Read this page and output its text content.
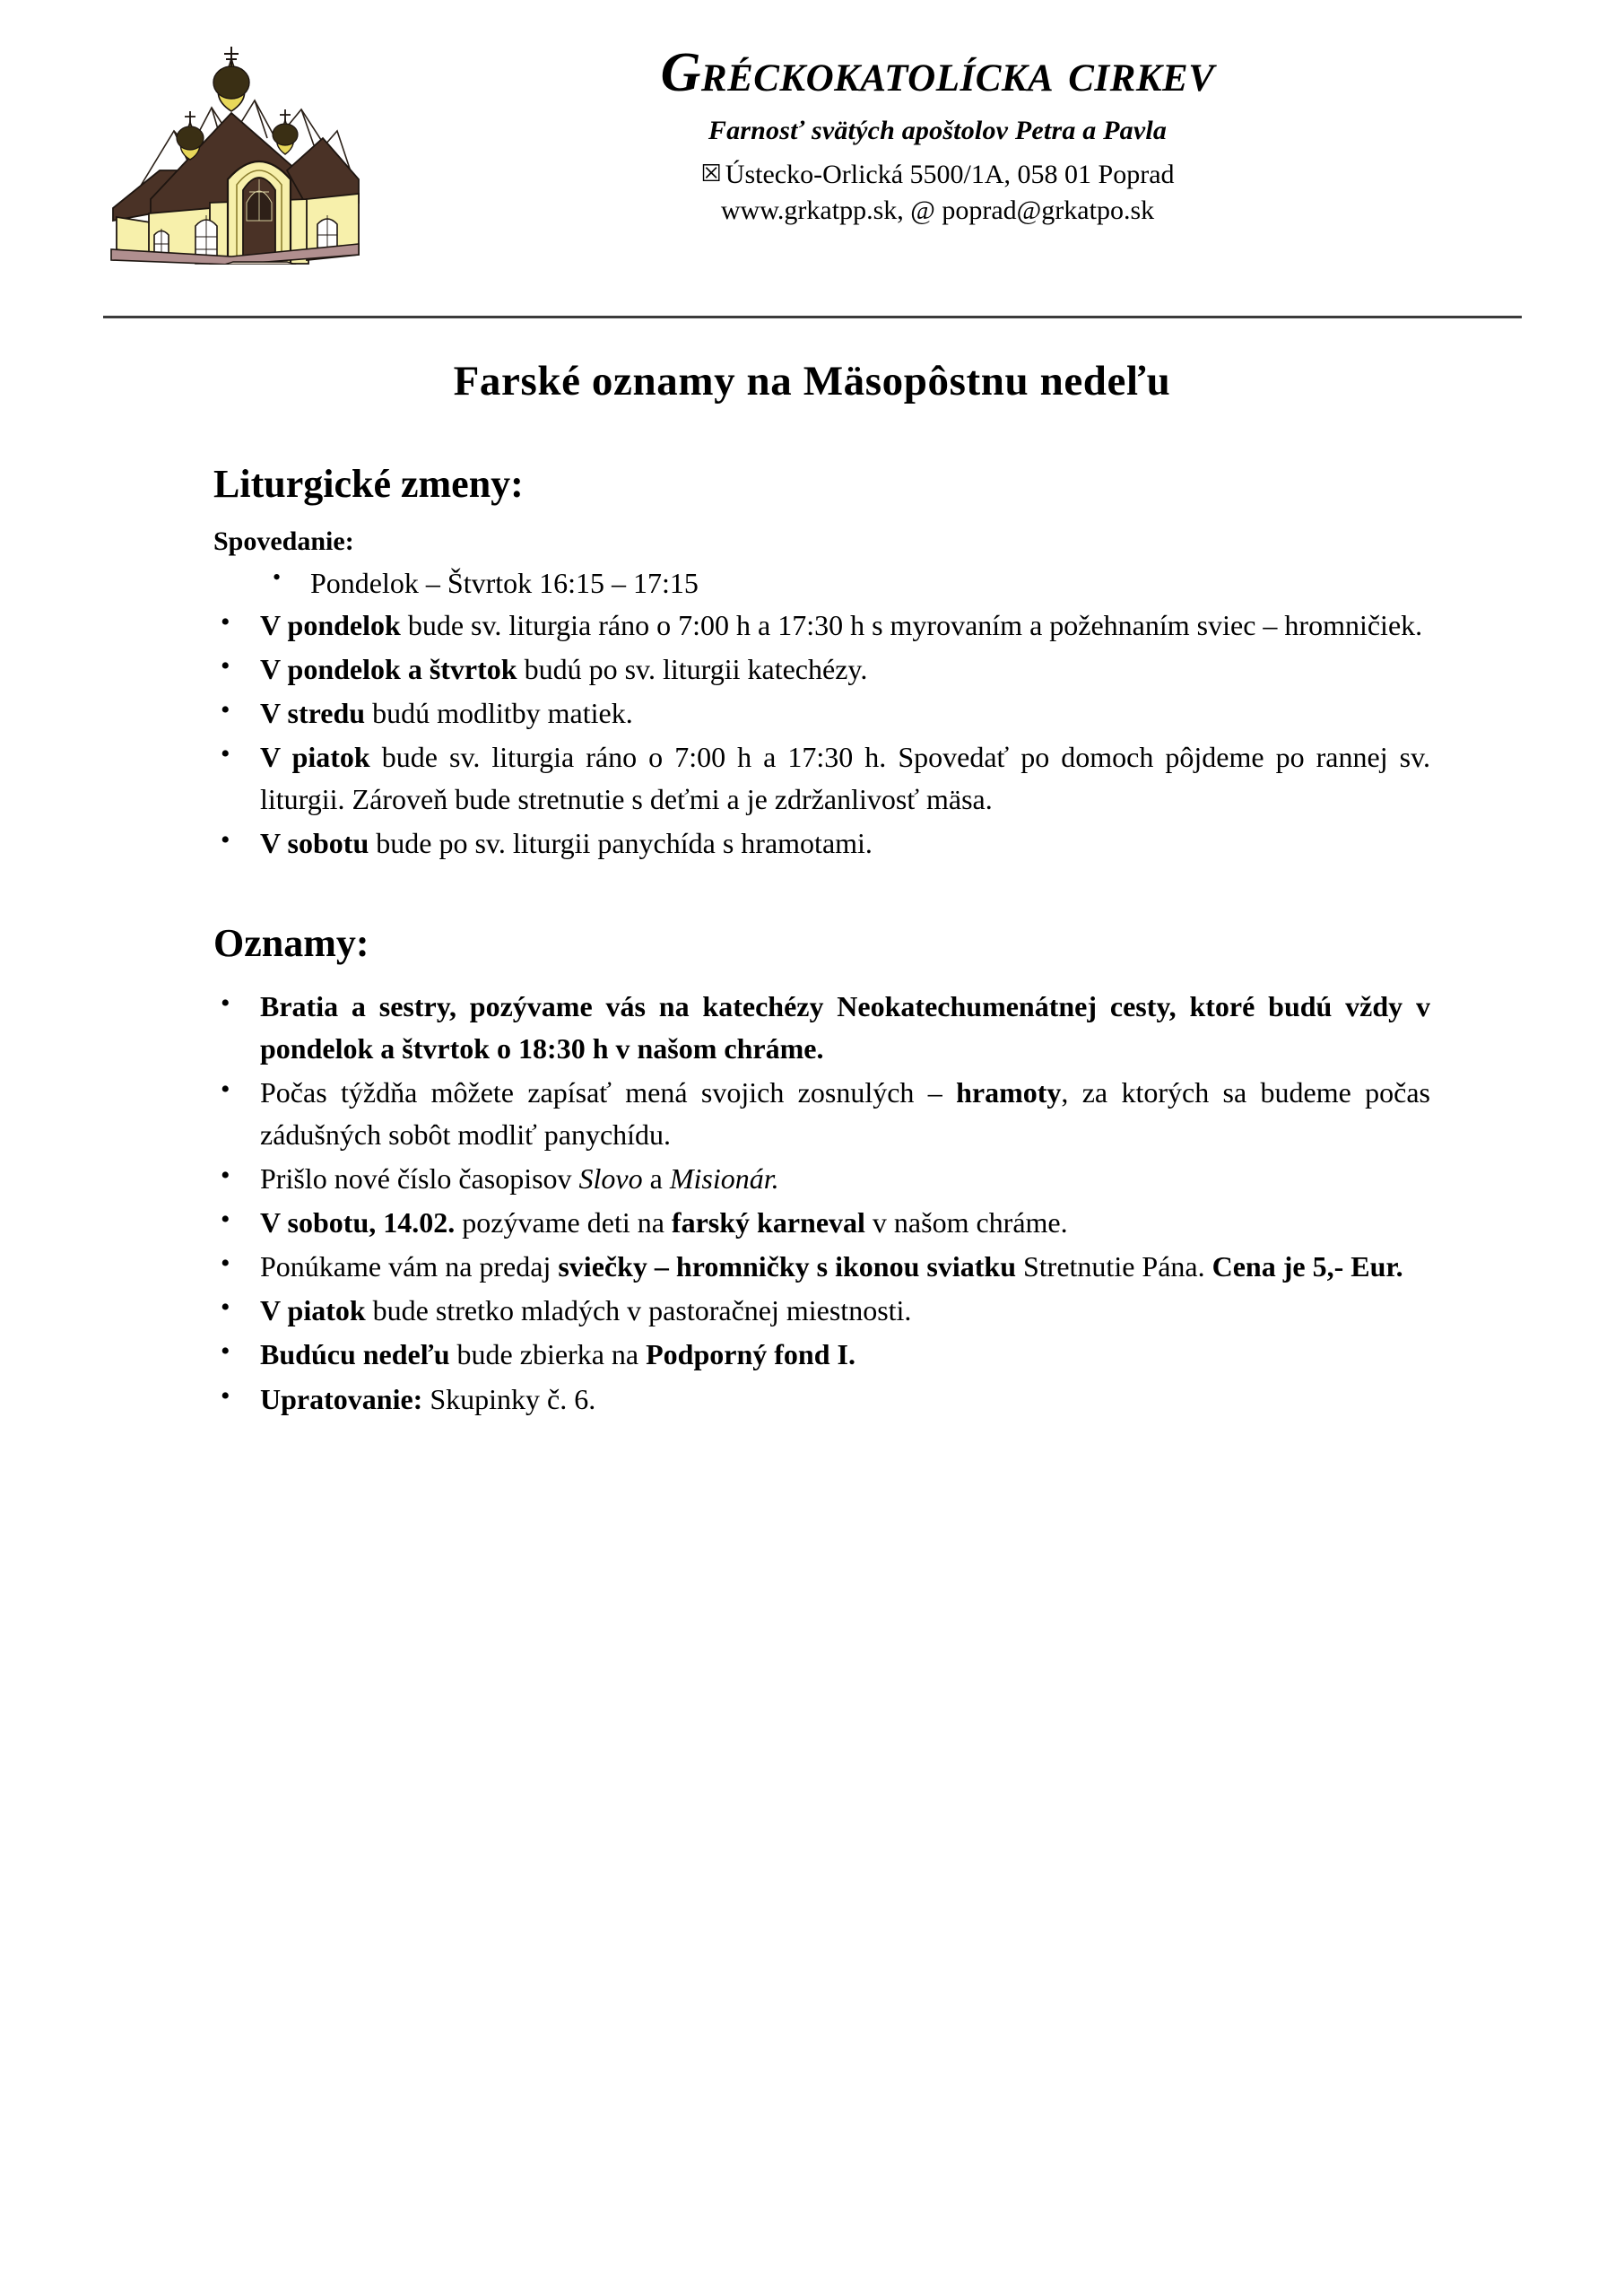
Gréckokatolícka cirkev
Farnosť svätých apoštolov Petra a Pavla
☒ Ústecko-Orlická 5500/1A, 058 01 Poprad
www.grkatpp.sk, @ poprad@grkatpo.sk
Farské oznamy na Mäsopôstnu nedeľu
Liturgické zmeny:
Spovedanie:
• Pondelok – Štvrtok 16:15 – 17:15
• V pondelok bude sv. liturgia ráno o 7:00 h a 17:30 h s myrovaním a požehnaním sviec – hromničiek.
• V pondelok a štvrtok budú po sv. liturgii katechézy.
• V stredu budú modlitby matiek.
• V piatok bude sv. liturgia ráno o 7:00 h a 17:30 h. Spovedať po domoch pôjdeme po rannej sv. liturgii. Zároveň bude stretnutie s deťmi a je zdržanlivosť mäsa.
• V sobotu bude po sv. liturgii panychída s hramotami.
Oznamy:
• Bratia a sestry, pozývame vás na katechézy Neokatechumenátnej cesty, ktoré budú vždy v pondelok a štvrtok o 18:30 h v našom chráme.
• Počas týždňa môžete zapísať mená svojich zosnulých – hramoty, za ktorých sa budeme počas zádušných sobôt modliť panychídu.
• Prišlo nové číslo časopisov Slovo a Misionár.
• V sobotu, 14.02. pozývame deti na farský karneval v našom chráme.
• Ponúkame vám na predaj sviečky – hromničky s ikonou sviatku Stretnutie Pána. Cena je 5,- Eur.
• V piatok bude stretko mladých v pastoračnej miestnosti.
• Budúcu nedeľu bude zbierka na Podporný fond I.
• Upratovanie: Skupinky č. 6.
